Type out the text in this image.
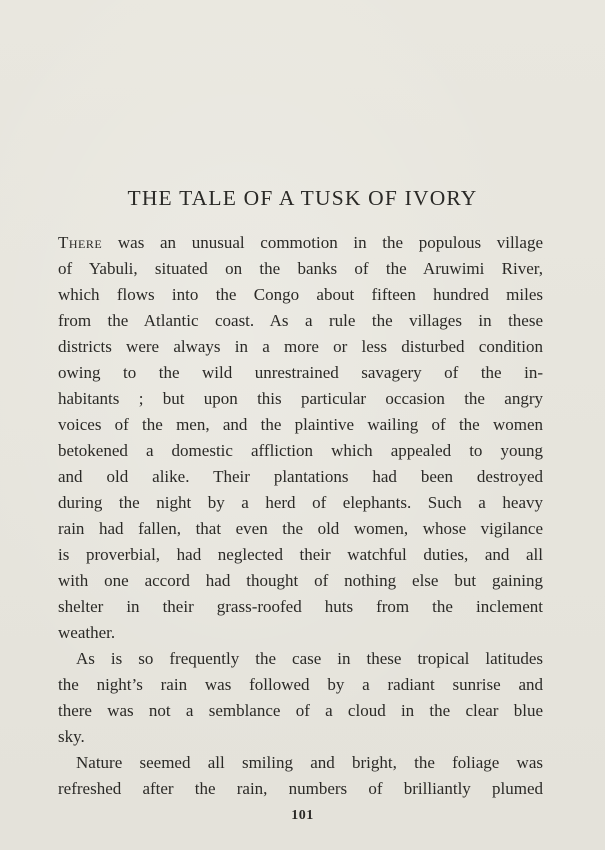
THE TALE OF A TUSK OF IVORY
There was an unusual commotion in the populous village
of Yabuli, situated on the banks of the Aruwimi River,
which flows into the Congo about fifteen hundred miles
from the Atlantic coast. As a rule the villages in these
districts were always in a more or less disturbed condition
owing to the wild unrestrained savagery of the in-
habitants ; but upon this particular occasion the angry
voices of the men, and the plaintive wailing of the women
betokened a domestic affliction which appealed to young
and old alike. Their plantations had been destroyed
during the night by a herd of elephants. Such a heavy
rain had fallen, that even the old women, whose vigilance
is proverbial, had neglected their watchful duties, and all
with one accord had thought of nothing else but gaining
shelter in their grass-roofed huts from the inclement
weather.
As is so frequently the case in these tropical latitudes
the night’s rain was followed by a radiant sunrise and
there was not a semblance of a cloud in the clear blue
sky.
Nature seemed all smiling and bright, the foliage was
refreshed after the rain, numbers of brilliantly plumed
101
